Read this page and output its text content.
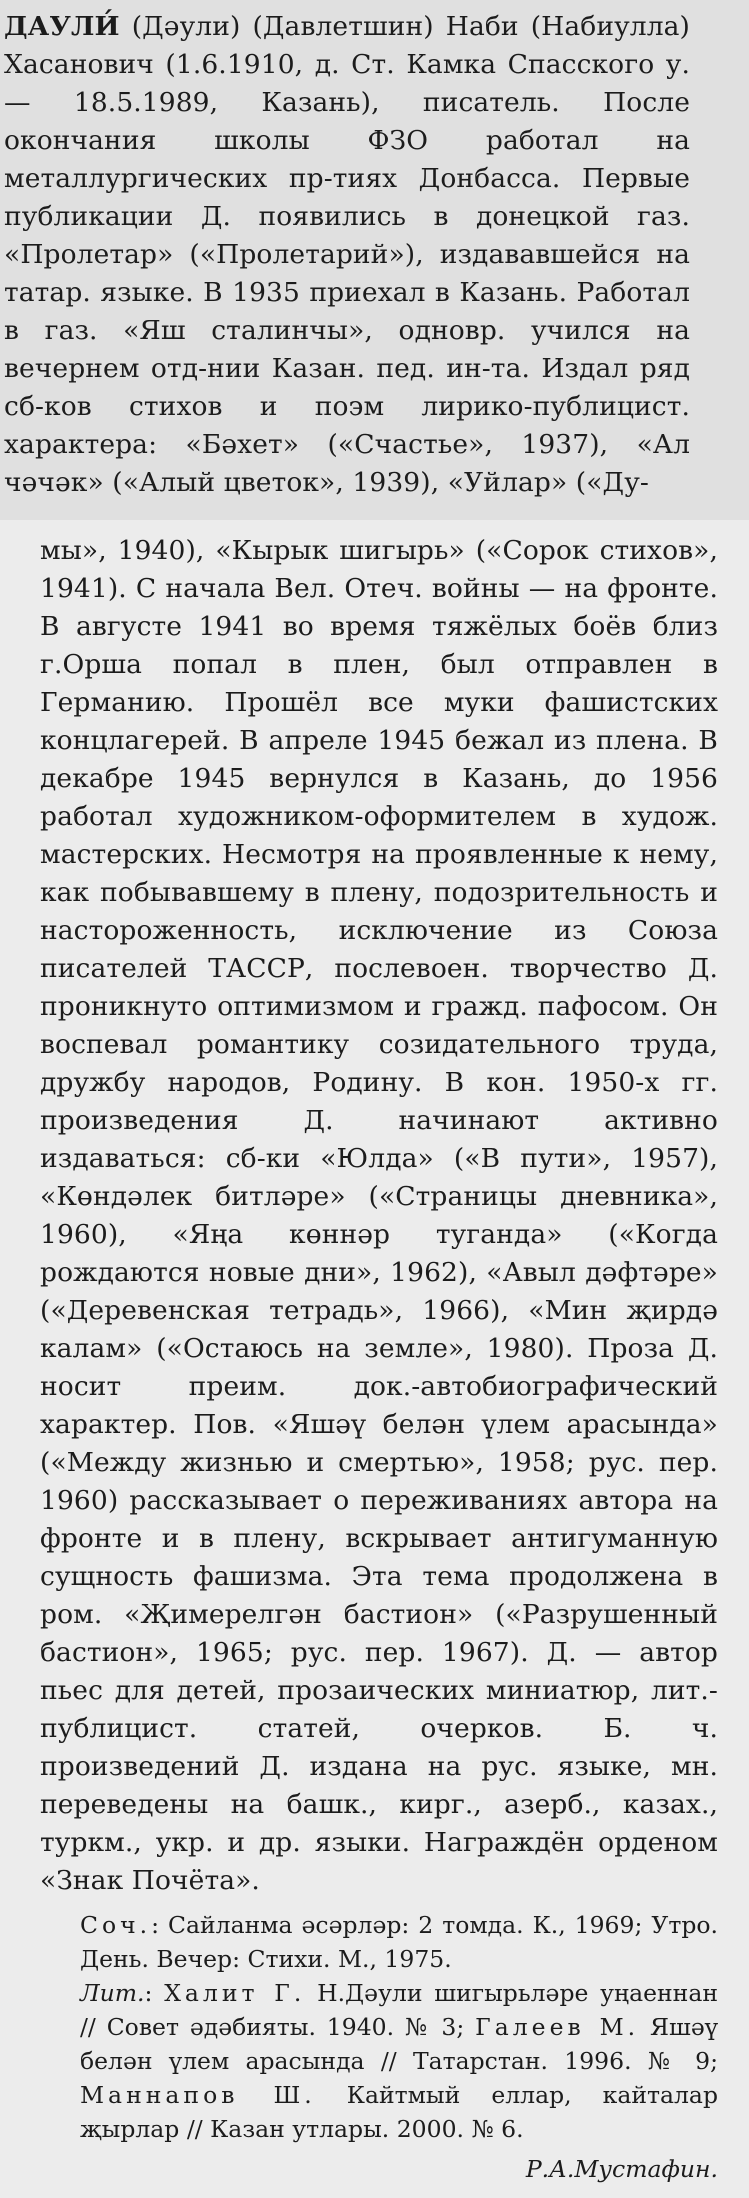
ДАУЛИ́ (Дәули) (Давлетшин) Наби (Набиулла) Хасанович (1.6.1910, д. Ст. Камка Спасского у. — 18.5.1989, Казань), писатель. После окончания школы ФЗО работал на металлургических пр-тиях Донбасса. Первые публикации Д. появились в донецкой газ. «Пролетар» («Пролетарий»), издававшейся на татар. языке. В 1935 приехал в Казань. Работал в газ. «Яш сталинчы», одновр. учился на вечернем отд-нии Казан. пед. ин-та. Издал ряд сб-ков стихов и поэм лирико-публицист. характера: «Бәхет» («Счастье», 1937), «Ал чәчәк» («Алый цветок», 1939), «Уйлар» («Ду-

мы», 1940), «Кырык шигырь» («Сорок стихов», 1941). С начала Вел. Отеч. войны — на фронте. В августе 1941 во время тяжёлых боёв близ г.Орша попал в плен, был отправлен в Германию. Прошёл все муки фашистских концлагерей. В апреле 1945 бежал из плена. В декабре 1945 вернулся в Казань, до 1956 работал художником-оформителем в худож. мастерских. Несмотря на проявленные к нему, как побывавшему в плену, подозрительность и настороженность, исключение из Союза писателей ТАССР, послевоен. творчество Д. проникнуто оптимизмом и гражд. пафосом. Он воспевал романтику созидательного труда, дружбу народов, Родину. В кон. 1950-х гг. произведения Д. начинают активно издаваться: сб-ки «Юлда» («В пути», 1957), «Көндәлек битләре» («Страницы дневника», 1960), «Яңа көннәр туганда» («Когда рождаются новые дни», 1962), «Авыл дәфтәре» («Деревенская тетрадь», 1966), «Мин җирдә калам» («Остаюсь на земле», 1980). Проза Д. носит преим. док.-автобиографический характер. Пов. «Яшәү белән үлем арасында» («Между жизнью и смертью», 1958; рус. пер. 1960) рассказывает о переживаниях автора на фронте и в плену, вскрывает антигуманную сущность фашизма. Эта тема продолжена в ром. «Җимерелгән бастион» («Разрушенный бастион», 1965; рус. пер. 1967). Д. — автор пьес для детей, прозаических миниатюр, лит.-публицист. статей, очерков. Б. ч. произведений Д. издана на рус. языке, мн. переведены на башк., кирг., азерб., казах., туркм., укр. и др. языки. Награждён орденом «Знак Почёта».

Соч.: Сайланма әсәрләр: 2 томда. К., 1969; Утро. День. Вечер: Стихи. М., 1975.

Лит.: Халит Г. Н.Дәули шигырьләре уңаеннан // Совет әдәбияты. 1940. № 3; Галеев М. Яшәү белән үлем арасында // Татарстан. 1996. № 9; Маннапов Ш. Кайтмый еллар, кайталар җырлар // Казан утлары. 2000. № 6.

Р.А.Мустафин.
